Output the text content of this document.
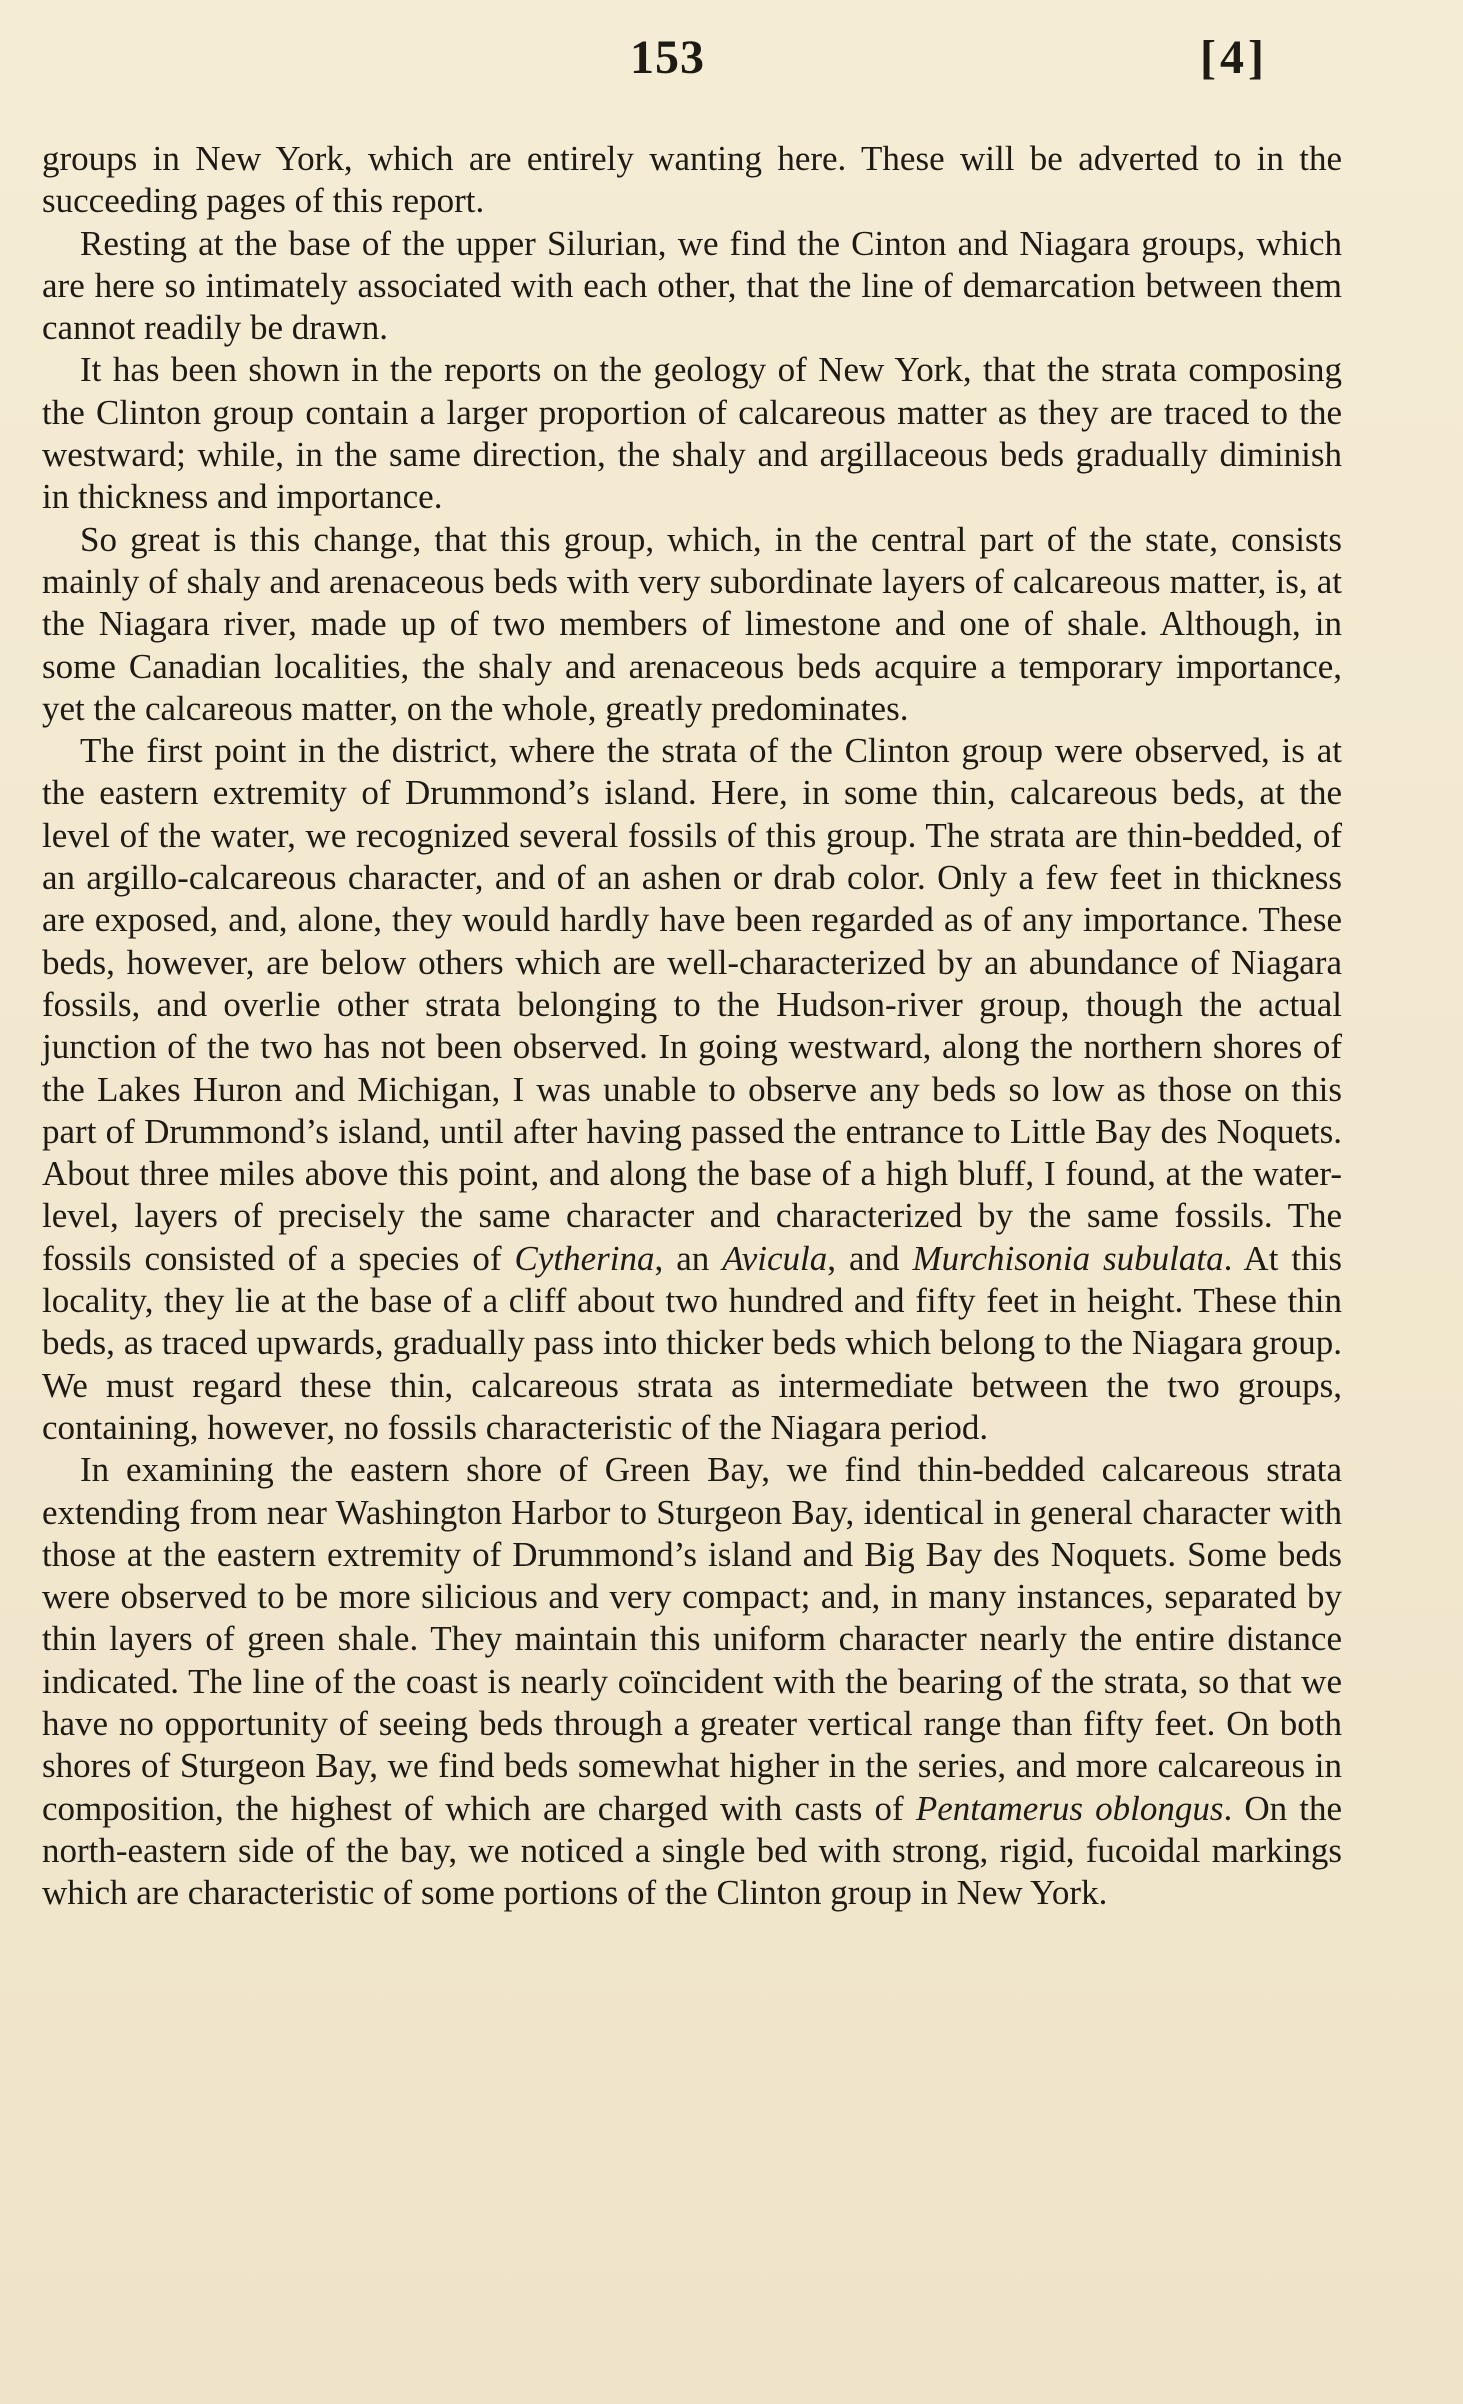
153	[4]

groups in New York, which are entirely wanting here. These will be adverted to in the succeeding pages of this report.

Resting at the base of the upper Silurian, we find the Cinton and Niagara groups, which are here so intimately associated with each other, that the line of demarcation between them cannot readily be drawn.

It has been shown in the reports on the geology of New York, that the strata composing the Clinton group contain a larger proportion of calcareous matter as they are traced to the westward; while, in the same direction, the shaly and argillaceous beds gradually diminish in thickness and importance.

So great is this change, that this group, which, in the central part of the state, consists mainly of shaly and arenaceous beds with very subordinate layers of calcareous matter, is, at the Niagara river, made up of two members of limestone and one of shale. Although, in some Canadian localities, the shaly and arenaceous beds acquire a temporary importance, yet the calcareous matter, on the whole, greatly predominates.

The first point in the district, where the strata of the Clinton group were observed, is at the eastern extremity of Drummond’s island. Here, in some thin, calcareous beds, at the level of the water, we recognized several fossils of this group. The strata are thin-bedded, of an argillo-calcareous character, and of an ashen or drab color. Only a few feet in thickness are exposed, and, alone, they would hardly have been regarded as of any importance. These beds, however, are below others which are well-characterized by an abundance of Niagara fossils, and overlie other strata belonging to the Hudson-river group, though the actual junction of the two has not been observed. In going westward, along the northern shores of the Lakes Huron and Michigan, I was unable to observe any beds so low as those on this part of Drummond’s island, until after having passed the entrance to Little Bay des Noquets. About three miles above this point, and along the base of a high bluff, I found, at the water-level, layers of precisely the same character and characterized by the same fossils. The fossils consisted of a species of Cytherina, an Avicula, and Murchisonia subulata. At this locality, they lie at the base of a cliff about two hundred and fifty feet in height. These thin beds, as traced upwards, gradually pass into thicker beds which belong to the Niagara group. We must regard these thin, calcareous strata as intermediate between the two groups, containing, however, no fossils characteristic of the Niagara period.

In examining the eastern shore of Green Bay, we find thin-bedded calcareous strata extending from near Washington Harbor to Sturgeon Bay, identical in general character with those at the eastern extremity of Drummond’s island and Big Bay des Noquets. Some beds were observed to be more silicious and very compact; and, in many instances, separated by thin layers of green shale. They maintain this uniform character nearly the entire distance indicated. The line of the coast is nearly coïncident with the bearing of the strata, so that we have no opportunity of seeing beds through a greater vertical range than fifty feet. On both shores of Sturgeon Bay, we find beds somewhat higher in the series, and more calcareous in composition, the highest of which are charged with casts of Pentamerus oblongus. On the north-eastern side of the bay, we noticed a single bed with strong, rigid, fucoidal markings which are characteristic of some portions of the Clinton group in New York.
